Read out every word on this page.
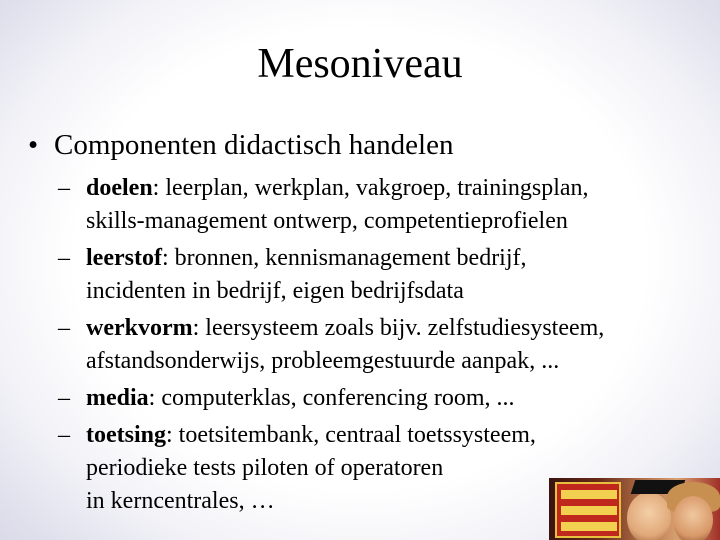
Mesoniveau
• Componenten didactisch handelen
– doelen: leerplan, werkplan, vakgroep, trainingsplan,
skills-management ontwerp, competentieprofielen
– leerstof: bronnen, kennismanagement bedrijf,
incidenten in bedrijf, eigen bedrijfsdata
– werkvorm: leersysteem zoals bijv. zelfstudiesysteem,
afstandsonderwijs, probleemgestuurde aanpak, ...
– media: computerklas, conferencing room, ...
– toetsing: toetsitembank, centraal toetssysteem,
periodieke tests piloten of operatoren
in kerncentrales, …
